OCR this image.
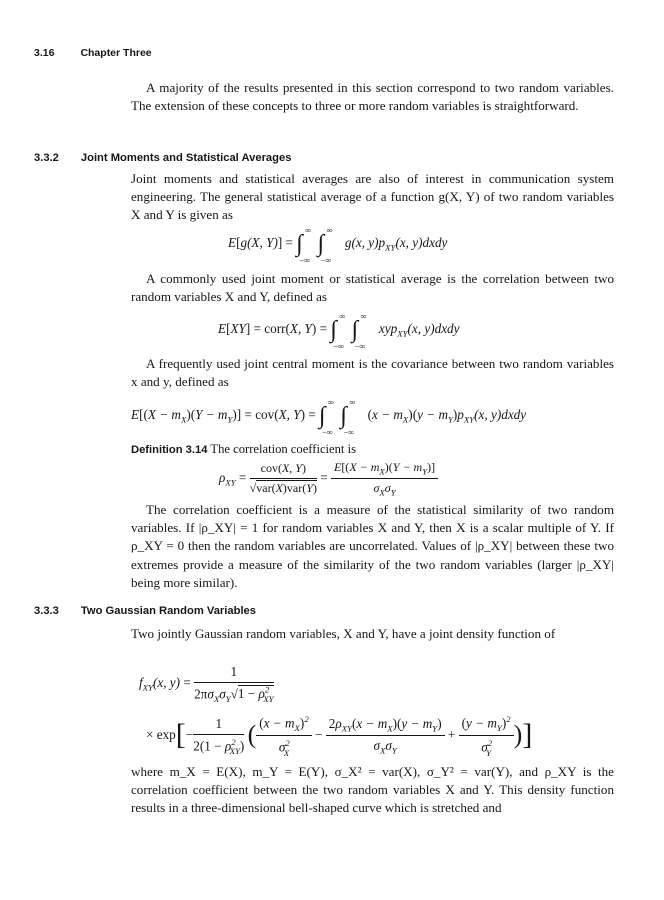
3.16 Chapter Three

A majority of the results presented in this section correspond to two random variables. The extension of these concepts to three or more random variables is straightforward.

3.3.2 Joint Moments and Statistical Averages

Joint moments and statistical averages are also of interest in communication system engineering. The general statistical average of a function g(X, Y) of two random variables X and Y is given as

E[g(X, Y)] = ∫
∞
−∞
∫
∞
−∞
g(x, $y)p_{XY}(x$, y)dxdy

A commonly used joint moment or statistical average is the correlation between two random variables X and Y, defined as

E[XY] = corr(X, Y) = ∫
∞
−∞
∫
∞
−∞
xyp$_{XY}$(x, y)dxdy

A frequently used joint central moment is the covariance between two random variables x and y, defined as

$E[(X - m_X)(Y - m_Y)] = cov(X$, Y) = ∫
∞
−∞
∫
∞
−∞
$(x - m_X)(y - m_Y)p_{XY}(x$, y)dxdy
Definition 3.14 The correlation coefficient is
$\rho_{XY} = \frac{\text{cov(X, Y)}}{\text{√var(X)var(Y)}} = \frac{E[(X - m_X)(Y - m_Y)]}{\sigma_X\sigma_Y}$

The correlation coefficient is a measure of the statistical similarity of two random variables. If |ρ_XY| = 1 for random variables X and Y, then X is a scalar multiple of Y. If ρ_XY = 0 then the random variables are uncorrelated. Values of |ρ_XY| between these two extremes provide a measure of the similarity of the two random variables (larger |ρ_XY| being more similar).

3.3.3 Two Gaussian Random Variables

Two jointly Gaussian random variables, X and Y, have a joint density function of

$f_{XY}(x$, $y) = \frac{1}{2\pi\sigma_X\sigma_Y√1 - \rho^2_{XY}}$
× $\exp[- \frac{1}{2(1 - \rho^2_{XY})}$ ( $\frac{(x - m_X)^2}{\sigma^2_X} - \frac{2\rho_{XY}(x - m_X)(y - m_Y)}{\sigma_X\sigma_Y} + \frac{(y - m_Y)^2}{\sigma^2_Y}$ )]

where m_X = E(X), m_Y = E(Y), σ_X² = var(X), σ_Y² = var(Y), and ρ_XY is the correlation coefficient between the two random variables X and Y. This density function results in a three-dimensional bell-shaped curve which is stretched and
